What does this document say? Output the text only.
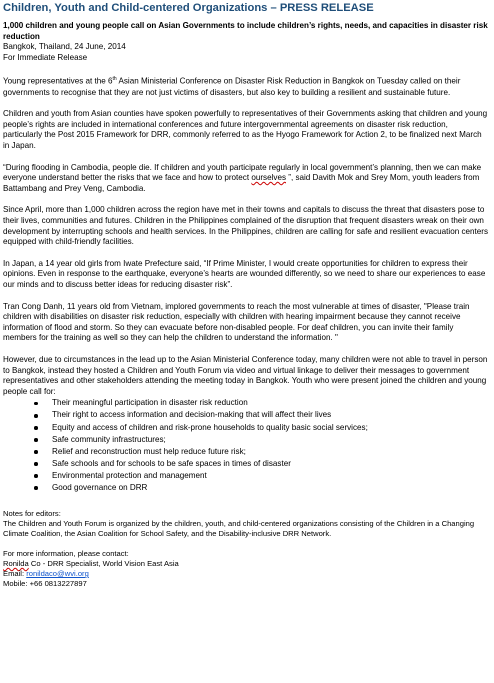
Children, Youth and Child-centered Organizations – PRESS RELEASE
1,000 children and young people call on Asian Governments to include children’s rights, needs, and capacities in disaster risk reduction
Bangkok, Thailand, 24 June, 2014
For Immediate Release

Young representatives at the 6th Asian Ministerial Conference on Disaster Risk Reduction in Bangkok on Tuesday called on their governments to recognise that they are not just victims of disasters, but also key to building a resilient and sustainable future.

Children and youth from Asian counties have spoken powerfully to representatives of their Governments asking that children and young people’s rights are included in international conferences and future intergovernmental agreements on disaster risk reduction, particularly the Post 2015 Framework for DRR, commonly referred to as the Hyogo Framework for Action 2, to be finalized next March in Japan.

“During flooding in Cambodia, people die. If children and youth participate regularly in local government’s planning, then we can make everyone understand better the risks that we face and how to protect ourselves ”, said Davith Mok and Srey Mom, youth leaders from Battambang and Prey Veng, Cambodia.

Since April, more than 1,000 children across the region have met in their towns and capitals to discuss the threat that disasters pose to their lives, communities and futures. Children in the Philippines complained of the disruption that frequent disasters wreak on their own development by interrupting schools and health services. In the Philippines, children are calling for safe and resilient evacuation centers equipped with child-friendly facilities.

In Japan, a 14 year old girls from Iwate Prefecture said, “If Prime Minister, I would create opportunities for children to express their opinions. Even in response to the earthquake, everyone’s hearts are wounded differently, so we need to share our experiences to ease our minds and to discuss better ideas for reducing disaster risk”.

Tran Cong Danh, 11 years old from Vietnam, implored governments to reach the most vulnerable at times of disaster, "Please train children with disabilities on disaster risk reduction, especially with children with hearing impairment because they cannot receive information of flood and storm. So they can evacuate before non-disabled people. For deaf children, you can invite their family members for the training as well so they can help the children to understand the information. "

However, due to circumstances in the lead up to the Asian Ministerial Conference today, many children were not able to travel in person to Bangkok, instead they hosted a Children and Youth Forum via video and virtual linkage to deliver their messages to government representatives and other stakeholders attending the meeting today in Bangkok. Youth who were present joined the children and young people call for:

Their meaningful participation in disaster risk reduction
Their right to access information and decision-making that will affect their lives
Equity and access of children and risk-prone households to quality basic social services;
Safe community infrastructures;
Relief and reconstruction must help reduce future risk;
Safe schools and for schools to be safe spaces in times of disaster
Environmental protection and management
Good governance on DRR
Notes for editors:
The Children and Youth Forum is organized by the children, youth, and child-centered organizations consisting of the Children in a Changing Climate Coalition, the Asian Coalition for School Safety, and the Disability-inclusive DRR Network.
For more information, please contact:
Ronilda Co - DRR Specialist, World Vision East Asia
Email: ronildaco@wvi.org
Mobile: +66 0813227897
